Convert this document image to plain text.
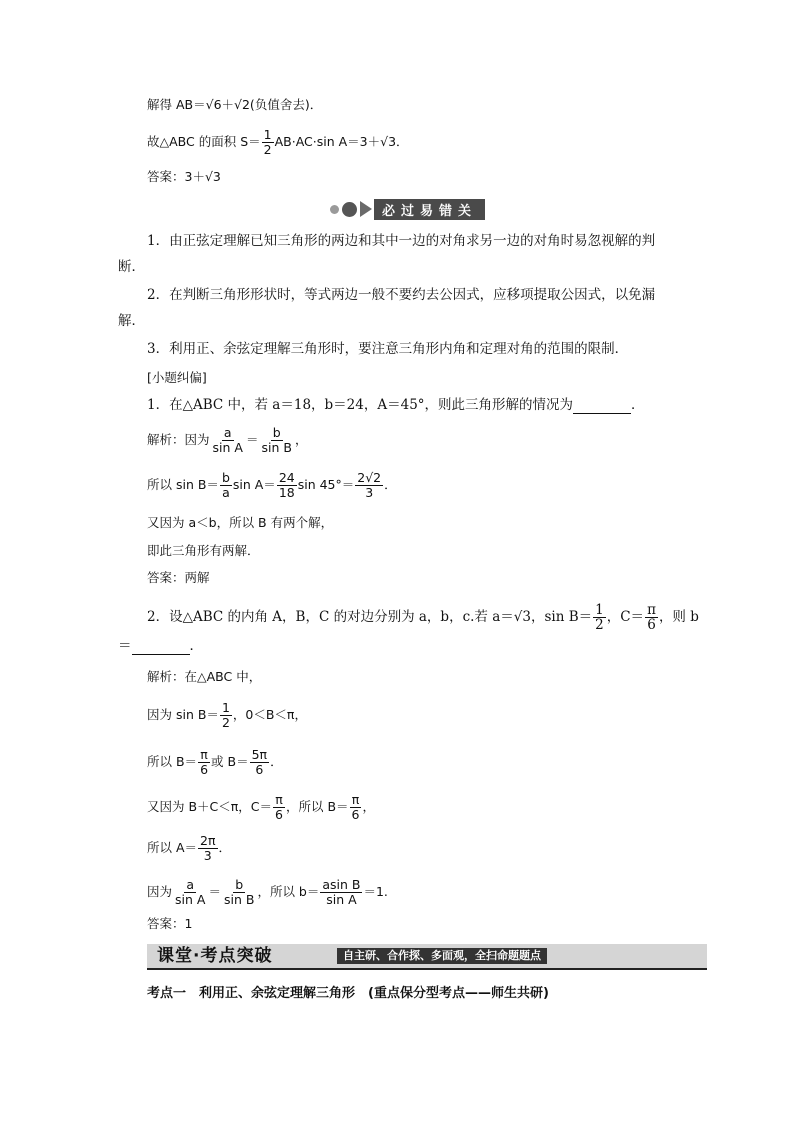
解得 AB＝√6＋√2(负值舍去)．
故△ABC 的面积 $S= \frac{1}{2} AB\cdot AC\cdot\sin$ A＝3＋√3．
答案：3＋√3
必过易错关
1．由正弦定理解已知三角形的两边和其中一边的对角求另一边的对角时易忽视解的判
断．
2．在判断三角形形状时，等式两边一般不要约去公因式，应移项提取公因式，以免漏
解．
3．利用正、余弦定理解三角形时，要注意三角形内角和定理对角的范围的限制．
[小题纠偏]
1．在△ABC 中，若 a＝18，b＝24，A＝45°，则此三角形解的情况为	．
解析：因为 $\frac{a}{\text{sin A}} = \frac{b}{\text{sin B}}$ ，
所以 $\sin B= \frac{b}{a}$ $\sin A= \frac{24}{18}$ $\sin 45^\circ= \frac{2√2}{3}$ ．
又因为 a＜b，所以 B 有两个解，
即此三角形有两解．
答案：两解
2．设△ABC 的内角 A，B，C 的对边分别为 a，b，c.若 a＝√3，$\sin B= \frac{1}{2}$ ，$C= \frac{\pi}{6}$ ，则 b
＝	．
解析：在△ABC 中，
因为 $\sin B= \frac{1}{2}$ ，0＜B＜π，
所以 $B= \frac{\pi}{6}$ 或 $B= \frac{5\pi}{6}$ ．
又因为 B＋C＜π，$C= \frac{\pi}{6}$ ，所以 $B= \frac{\pi}{6}$ ，
所以 $A= \frac{2\pi}{3}$ ．
因为 $\frac{a}{\text{sin A}} = \frac{b}{\text{sin B}}$ ，所以 $b= \frac{\text{asin B}}{\text{sin A}} =1$.
答案：1
课堂·考点突破	自主研、合作探、多面观，全扫命题题点
考点一　利用正、余弦定理解三角形　(重点保分型考点——师生共研)
